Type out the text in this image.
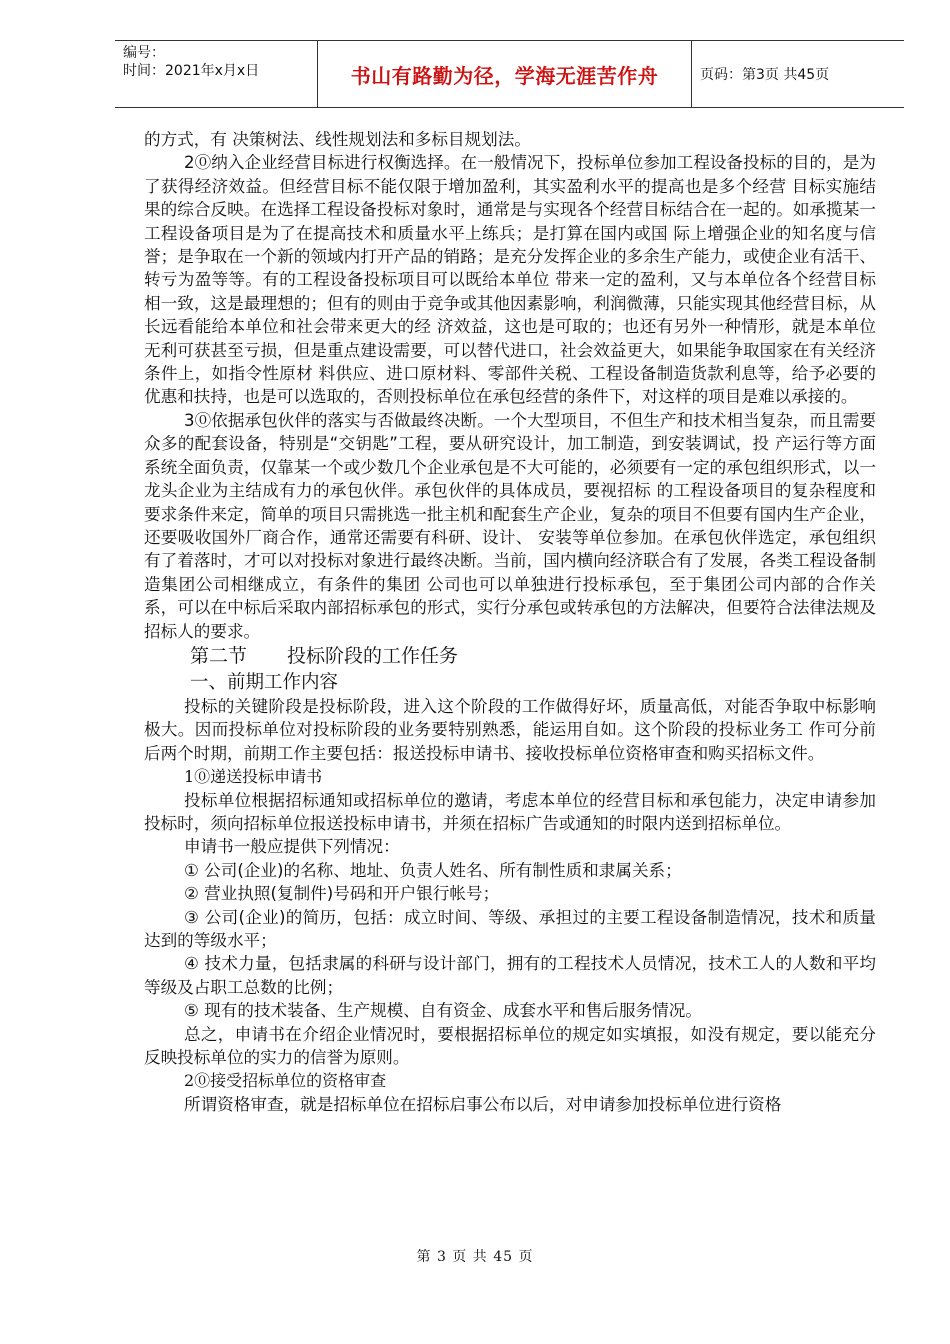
编号：
时间：2021年x月x日	书山有路勤为径，学海无涯苦作舟	页码：第3页 共45页

的方式，有 决策树法、线性规划法和多标目规划法。

2⓪纳入企业经营目标进行权衡选择。在一般情况下，投标单位参加工程设备投标的目的，是为了获得经济效益。但经营目标不能仅限于增加盈利，其实盈利水平的提高也是多个经营 目标实施结果的综合反映。在选择工程设备投标对象时，通常是与实现各个经营目标结合在一起的。如承揽某一工程设备项目是为了在提高技术和质量水平上练兵；是打算在国内或国 际上增强企业的知名度与信誉；是争取在一个新的领域内打开产品的销路；是充分发挥企业的多余生产能力，或使企业有活干、转亏为盈等等。有的工程设备投标项目可以既给本单位 带来一定的盈利，又与本单位各个经营目标相一致，这是最理想的；但有的则由于竞争或其他因素影响，利润微薄，只能实现其他经营目标，从长远看能给本单位和社会带来更大的经 济效益，这也是可取的；也还有另外一种情形，就是本单位无利可获甚至亏损，但是重点建设需要，可以替代进口，社会效益更大，如果能争取国家在有关经济条件上，如指令性原材 料供应、进口原材料、零部件关税、工程设备制造货款利息等，给予必要的优惠和扶持，也是可以选取的，否则投标单位在承包经营的条件下，对这样的项目是难以承接的。

3⓪依据承包伙伴的落实与否做最终决断。一个大型项目，不但生产和技术相当复杂，而且需要众多的配套设备，特别是“交钥匙”工程，要从研究设计，加工制造，到安装调试，投 产运行等方面系统全面负责，仅靠某一个或少数几个企业承包是不大可能的，必须要有一定的承包组织形式，以一龙头企业为主结成有力的承包伙伴。承包伙伴的具体成员，要视招标 的工程设备项目的复杂程度和要求条件来定，简单的项目只需挑选一批主机和配套生产企业，复杂的项目不但要有国内生产企业，还要吸收国外厂商合作，通常还需要有科研、设计、 安装等单位参加。在承包伙伴选定，承包组织有了着落时，才可以对投标对象进行最终决断。当前，国内横向经济联合有了发展，各类工程设备制造集团公司相继成立，有条件的集团 公司也可以单独进行投标承包，至于集团公司内部的合作关系，可以在中标后采取内部招标承包的形式，实行分承包或转承包的方法解决，但要符合法律法规及招标人的要求。

第二节 投标阶段的工作任务

一、前期工作内容

投标的关键阶段是投标阶段，进入这个阶段的工作做得好坏，质量高低，对能否争取中标影响极大。因而投标单位对投标阶段的业务要特别熟悉，能运用自如。这个阶段的投标业务工 作可分前后两个时期，前期工作主要包括：报送投标申请书、接收投标单位资格审查和购买招标文件。

1⓪递送投标申请书

投标单位根据招标通知或招标单位的邀请，考虑本单位的经营目标和承包能力，决定申请参加投标时，须向招标单位报送投标申请书，并须在招标广告或通知的时限内送到招标单位。

申请书一般应提供下列情况：

① 公司(企业)的名称、地址、负责人姓名、所有制性质和隶属关系；

② 营业执照(复制件)号码和开户银行帐号；

③ 公司(企业)的简历，包括：成立时间、等级、承担过的主要工程设备制造情况，技术和质量达到的等级水平；

④ 技术力量，包括隶属的科研与设计部门，拥有的工程技术人员情况，技术工人的人数和平均等级及占职工总数的比例；

⑤ 现有的技术装备、生产规模、自有资金、成套水平和售后服务情况。

总之，申请书在介绍企业情况时，要根据招标单位的规定如实填报，如没有规定，要以能充分反映投标单位的实力的信誉为原则。

2⓪接受招标单位的资格审查

所谓资格审查，就是招标单位在招标启事公布以后，对申请参加投标单位进行资格

第 3 页 共 45 页
